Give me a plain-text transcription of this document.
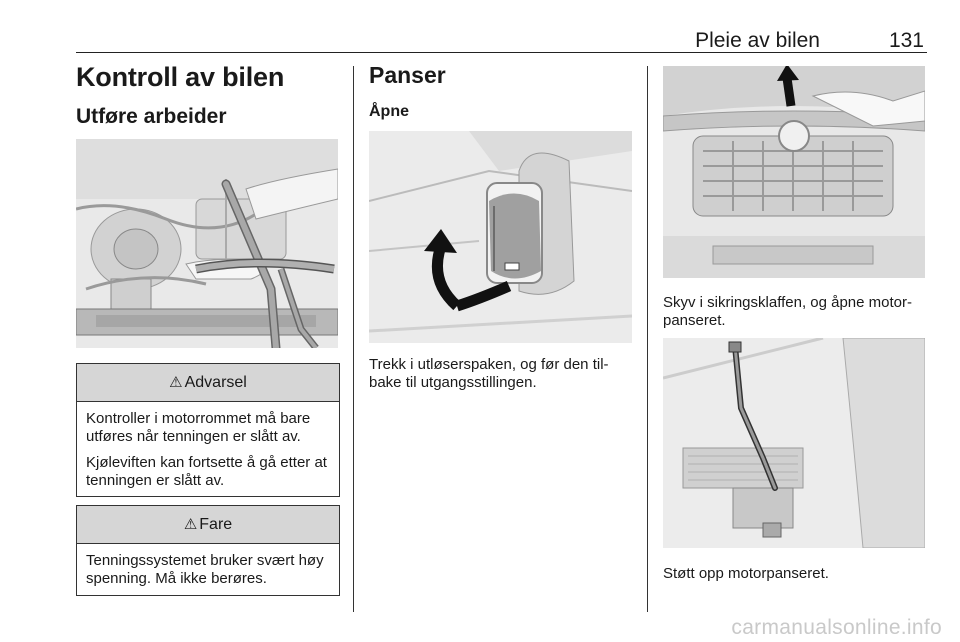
Pleie av bilen	131
Kontroll av bilen
Utføre arbeider
⚠ Advarsel

Kontroller i motorrommet må bare utføres når tenningen er slått av.

Kjøleviften kan fortsette å gå etter at tenningen er slått av.

⚠ Fare

Tenningssystemet bruker svært høy spenning. Må ikke berøres.

Panser
Åpne
Trekk i utløserspaken, og før den til-bake til utgangsstillingen.
Skyv i sikringsklaffen, og åpne motor-panseret.
Støtt opp motorpanseret.
carmanualsonline.info
